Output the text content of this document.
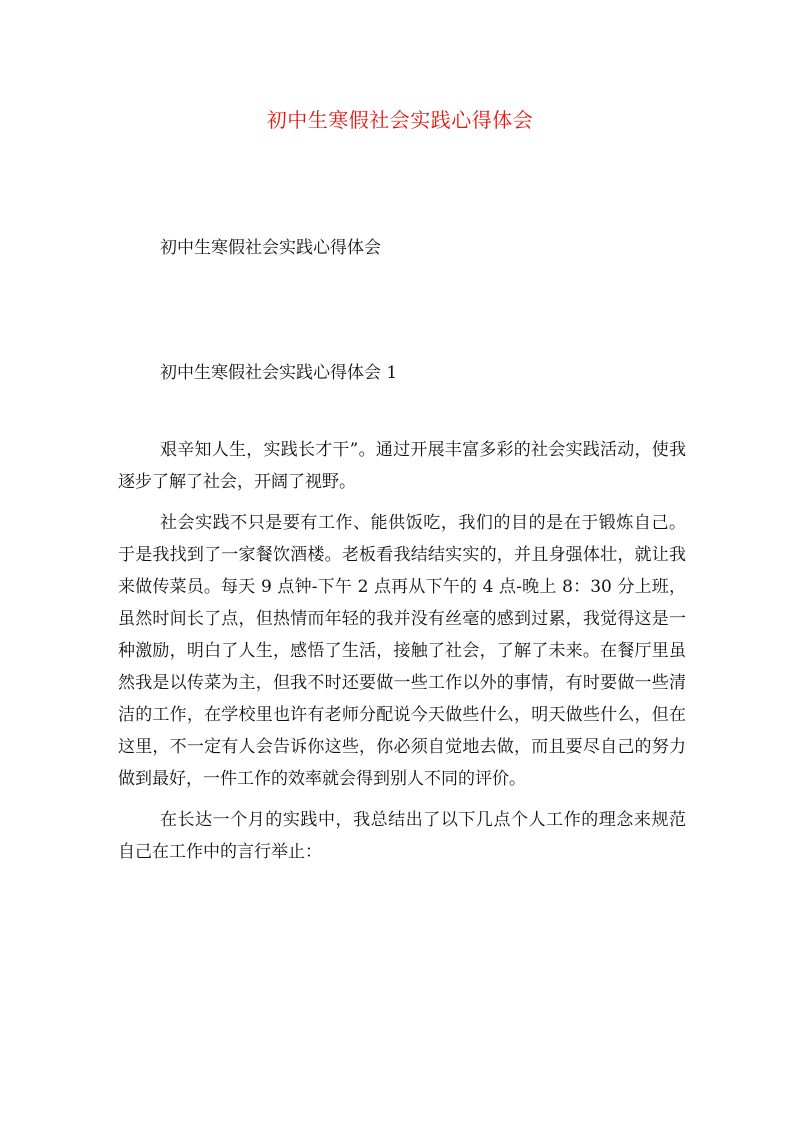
初中生寒假社会实践心得体会
初中生寒假社会实践心得体会
初中生寒假社会实践心得体会 1

艰辛知人生，实践长才干”。通过开展丰富多彩的社会实践活动，使我逐步了解了社会，开阔了视野。

社会实践不只是要有工作、能供饭吃，我们的目的是在于锻炼自己。于是我找到了一家餐饮酒楼。老板看我结结实实的，并且身强体壮，就让我来做传菜员。每天 9 点钟-下午 2 点再从下午的 4 点-晚上 8：30 分上班，虽然时间长了点，但热情而年轻的我并没有丝毫的感到过累，我觉得这是一种激励，明白了人生，感悟了生活，接触了社会，了解了未来。在餐厅里虽然我是以传菜为主，但我不时还要做一些工作以外的事情，有时要做一些清洁的工作，在学校里也许有老师分配说今天做些什么，明天做些什么，但在这里，不一定有人会告诉你这些，你必须自觉地去做，而且要尽自己的努力做到最好，一件工作的效率就会得到别人不同的评价。

在长达一个月的实践中，我总结出了以下几点个人工作的理念来规范自己在工作中的言行举止：
